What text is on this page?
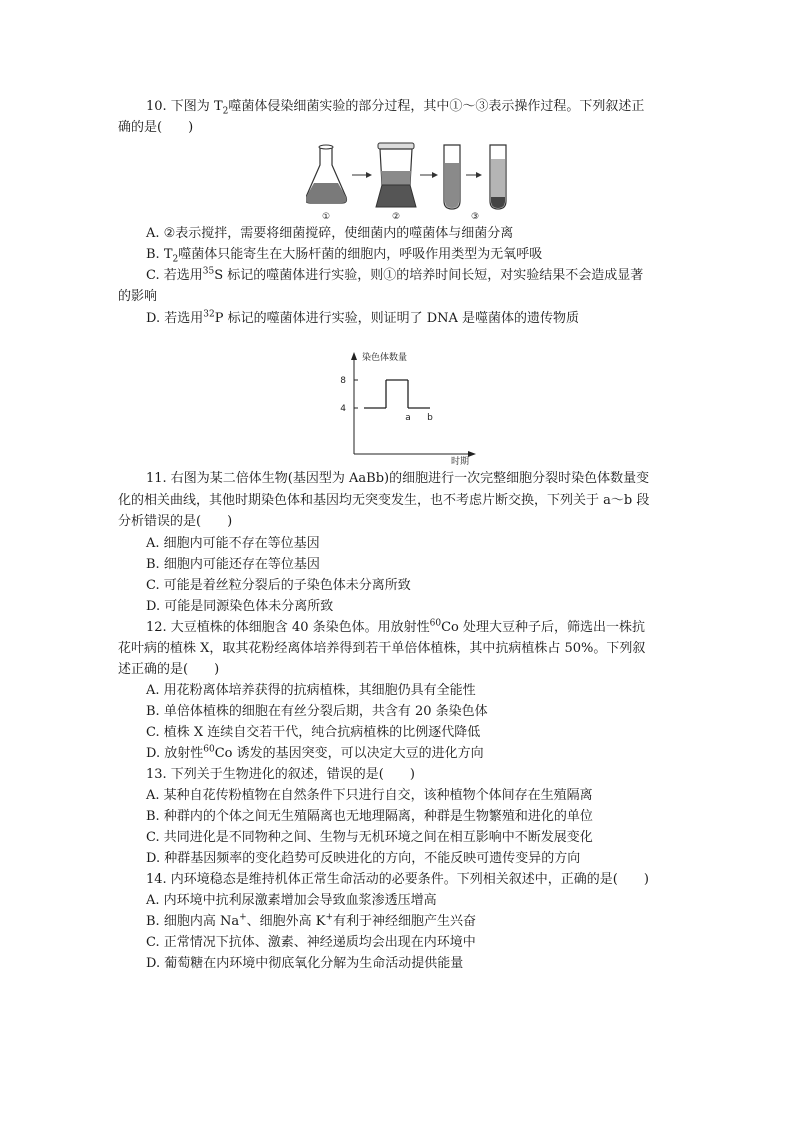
10. 下图为 $T_2$噬菌体侵染细菌实验的部分过程，其中①～③表示操作过程。下列叙述正
确的是(　　)
①	②	③
A. ②表示搅拌，需要将细菌搅碎，使细菌内的噬菌体与细菌分离
B. $T_2$噬菌体只能寄生在大肠杆菌的细胞内，呼吸作用类型为无氧呼吸
C. 若选用$^{35}$S 标记的噬菌体进行实验，则①的培养时间长短，对实验结果不会造成显著
的影响
D. 若选用$^{32}$P 标记的噬菌体进行实验，则证明了 DNA 是噬菌体的遗传物质
染色体数量
时期
8
4
a b
11. 右图为某二倍体生物(基因型为 AaBb)的细胞进行一次完整细胞分裂时染色体数量变
化的相关曲线，其他时期染色体和基因均无突变发生，也不考虑片断交换，下列关于 a～b 段
分析错误的是(　　)
A. 细胞内可能不存在等位基因
B. 细胞内可能还存在等位基因
C. 可能是着丝粒分裂后的子染色体未分离所致
D. 可能是同源染色体未分离所致
12. 大豆植株的体细胞含 40 条染色体。用放射性$^{60}$Co 处理大豆种子后，筛选出一株抗
花叶病的植株 X，取其花粉经离体培养得到若干单倍体植株，其中抗病植株占 50%。下列叙
述正确的是(　　)
A. 用花粉离体培养获得的抗病植株，其细胞仍具有全能性
B. 单倍体植株的细胞在有丝分裂后期，共含有 20 条染色体
C. 植株 X 连续自交若干代，纯合抗病植株的比例逐代降低
D. 放射性$^{60}$Co 诱发的基因突变，可以决定大豆的进化方向
13. 下列关于生物进化的叙述，错误的是(　　)
A. 某种自花传粉植物在自然条件下只进行自交，该种植物个体间存在生殖隔离
B. 种群内的个体之间无生殖隔离也无地理隔离，种群是生物繁殖和进化的单位
C. 共同进化是不同物种之间、生物与无机环境之间在相互影响中不断发展变化
D. 种群基因频率的变化趋势可反映进化的方向，不能反映可遗传变异的方向
14. 内环境稳态是维持机体正常生命活动的必要条件。下列相关叙述中，正确的是(　　)
A. 内环境中抗利尿激素增加会导致血浆渗透压增高
B. 细胞内高 Na+、细胞外高 K+有利于神经细胞产生兴奋
C. 正常情况下抗体、激素、神经递质均会出现在内环境中
D. 葡萄糖在内环境中彻底氧化分解为生命活动提供能量
